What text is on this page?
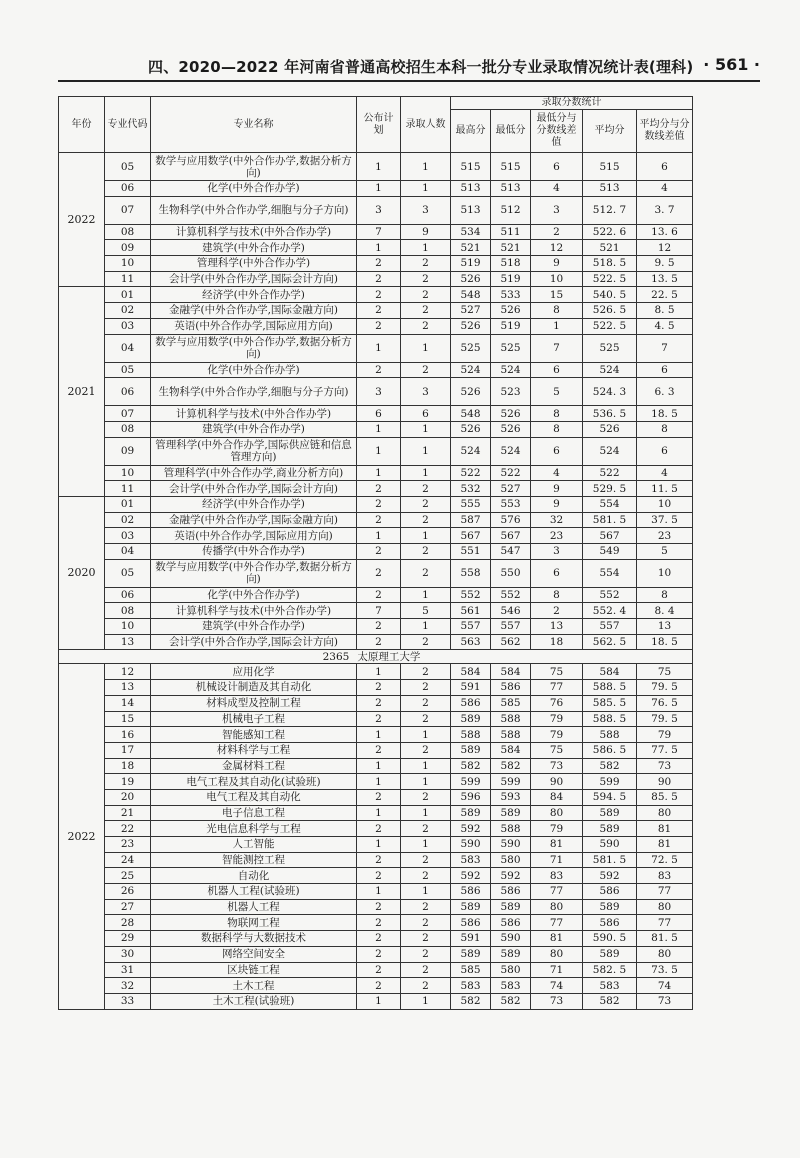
四、2020—2022 年河南省普通高校招生本科一批分专业录取情况统计表(理科) · 561 ·
年份	专业代码	专业名称	公布计划	录取人数	录取分数统计				
					最高分	最低分	最低分与分数线差值	平均分	平均分与分数线差值
2022	05	数学与应用数学(中外合作办学,数据分析方向)	1	1	515	515	6	515	6
	06	化学(中外合作办学)	1	1	513	513	4	513	4
	07	生物科学(中外合作办学,细胞与分子方向)	3	3	513	512	3	512. 7	3. 7
	08	计算机科学与技术(中外合作办学)	7	9	534	511	2	522. 6	13. 6
	09	建筑学(中外合作办学)	1	1	521	521	12	521	12
	10	管理科学(中外合作办学)	2	2	519	518	9	518. 5	9. 5
	11	会计学(中外合作办学,国际会计方向)	2	2	526	519	10	522. 5	13. 5
2021	01	经济学(中外合作办学)	2	2	548	533	15	540. 5	22. 5
	02	金融学(中外合作办学,国际金融方向)	2	2	527	526	8	526. 5	8. 5
	03	英语(中外合作办学,国际应用方向)	2	2	526	519	1	522. 5	4. 5
	04	数学与应用数学(中外合作办学,数据分析方向)	1	1	525	525	7	525	7
	05	化学(中外合作办学)	2	2	524	524	6	524	6
	06	生物科学(中外合作办学,细胞与分子方向)	3	3	526	523	5	524. 3	6. 3
	07	计算机科学与技术(中外合作办学)	6	6	548	526	8	536. 5	18. 5
	08	建筑学(中外合作办学)	1	1	526	526	8	526	8
	09	管理科学(中外合作办学,国际供应链和信息管理方向)	1	1	524	524	6	524	6
	10	管理科学(中外合作办学,商业分析方向)	1	1	522	522	4	522	4
	11	会计学(中外合作办学,国际会计方向)	2	2	532	527	9	529. 5	11. 5
2020	01	经济学(中外合作办学)	2	2	555	553	9	554	10
	02	金融学(中外合作办学,国际金融方向)	2	2	587	576	32	581. 5	37. 5
	03	英语(中外合作办学,国际应用方向)	1	1	567	567	23	567	23
	04	传播学(中外合作办学)	2	2	551	547	3	549	5
	05	数学与应用数学(中外合作办学,数据分析方向)	2	2	558	550	6	554	10
	06	化学(中外合作办学)	2	1	552	552	8	552	8
	08	计算机科学与技术(中外合作办学)	7	5	561	546	2	552. 4	8. 4
	10	建筑学(中外合作办学)	2	1	557	557	13	557	13
	13	会计学(中外合作办学,国际会计方向)	2	2	563	562	18	562. 5	18. 5
2365 太原理工大学									
2022	12	应用化学	1	2	584	584	75	584	75
	13	机械设计制造及其自动化	2	2	591	586	77	588. 5	79. 5
	14	材料成型及控制工程	2	2	586	585	76	585. 5	76. 5
	15	机械电子工程	2	2	589	588	79	588. 5	79. 5
	16	智能感知工程	1	1	588	588	79	588	79
	17	材料科学与工程	2	2	589	584	75	586. 5	77. 5
	18	金属材料工程	1	1	582	582	73	582	73
	19	电气工程及其自动化(试验班)	1	1	599	599	90	599	90
	20	电气工程及其自动化	2	2	596	593	84	594. 5	85. 5
	21	电子信息工程	1	1	589	589	80	589	80
	22	光电信息科学与工程	2	2	592	588	79	589	81
	23	人工智能	1	1	590	590	81	590	81
	24	智能测控工程	2	2	583	580	71	581. 5	72. 5
	25	自动化	2	2	592	592	83	592	83
	26	机器人工程(试验班)	1	1	586	586	77	586	77
	27	机器人工程	2	2	589	589	80	589	80
	28	物联网工程	2	2	586	586	77	586	77
	29	数据科学与大数据技术	2	2	591	590	81	590. 5	81. 5
	30	网络空间安全	2	2	589	589	80	589	80
	31	区块链工程	2	2	585	580	71	582. 5	73. 5
	32	土木工程	2	2	583	583	74	583	74
	33	土木工程(试验班)	1	1	582	582	73	582	73
